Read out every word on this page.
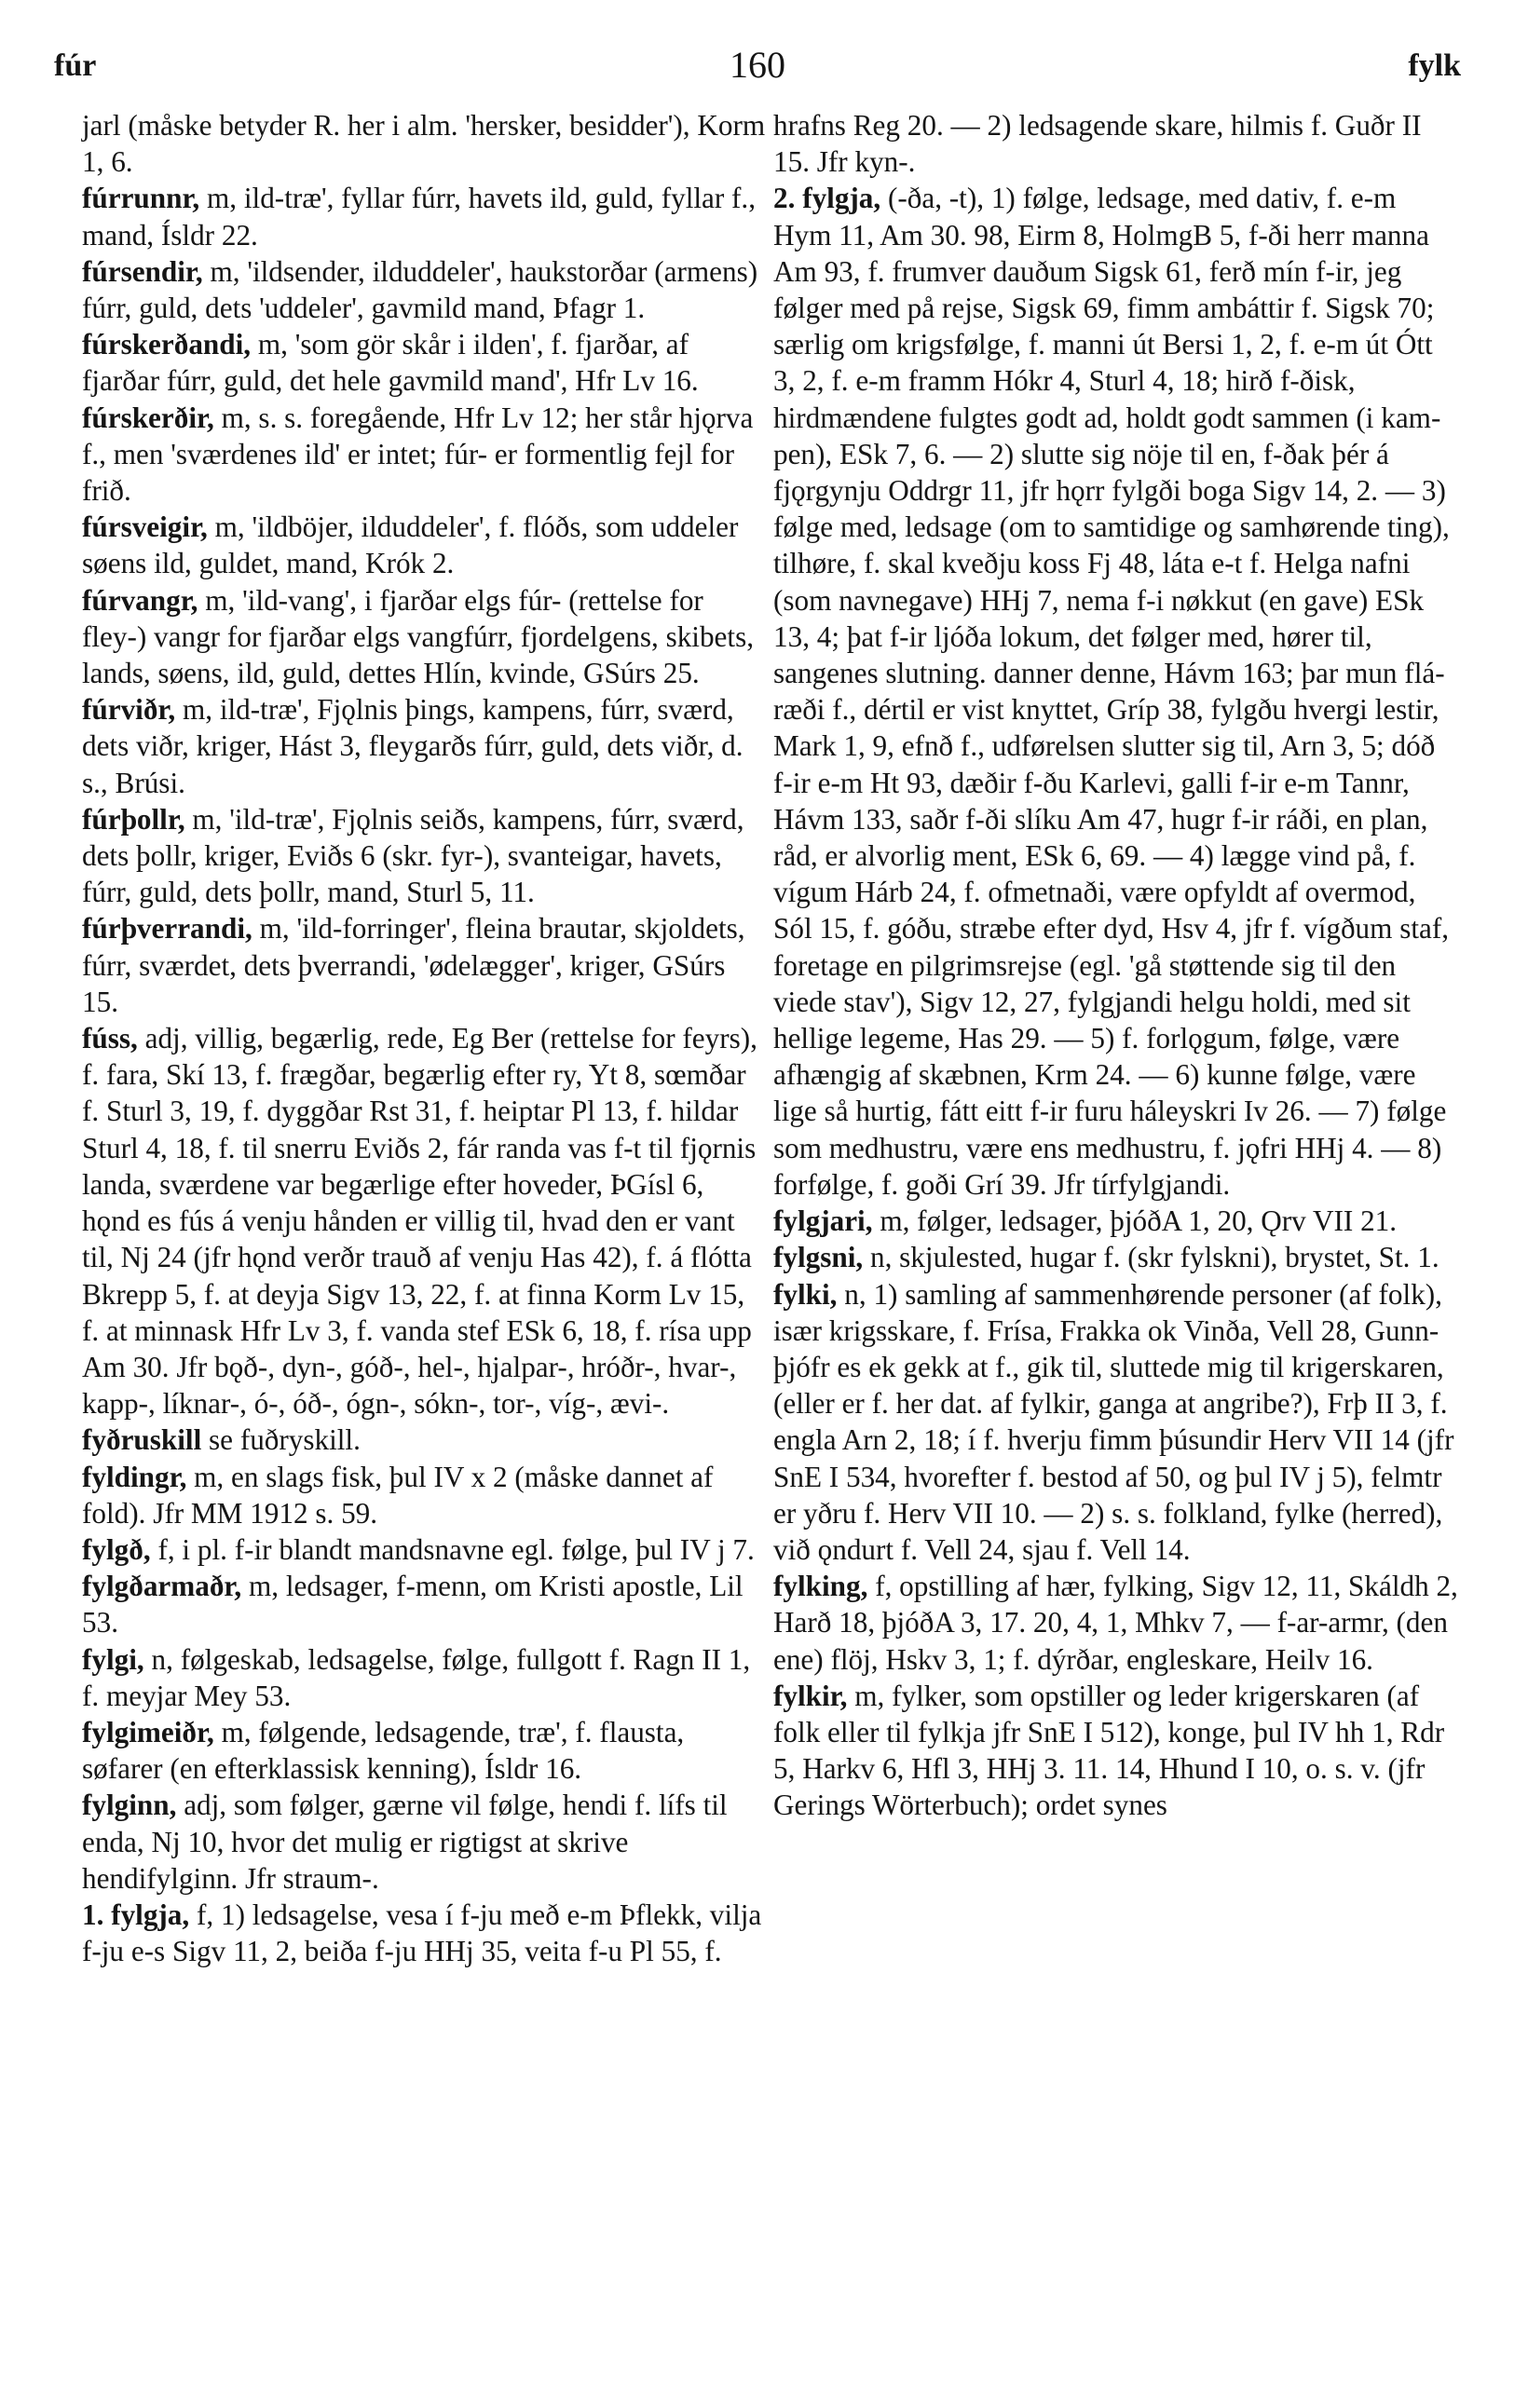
fúr	160	fylk

jarl (måske betyder R. her i alm. 'hersker, besidder'), Korm 1, 6.

fúrrunnr, m, ild-træ', fyllar fúrr, havets ild, guld, fyllar f., mand, Ísldr 22.

fúrsendir, m, 'ildsender, ilduddeler', haukstorðar (armens) fúrr, guld, dets 'uddeler', gavmild mand, Þfagr 1.

fúrskerðandi, m, 'som gör skår i ilden', f. fjarðar, af fjarðar fúrr, guld, det hele gavmild mand', Hfr Lv 16.

fúrskerðir, m, s. s. foregående, Hfr Lv 12; her står hjǫrva f., men 'sværdenes ild' er intet; fúr- er formentlig fejl for frið.

fúrsveigir, m, 'ildböjer, ilduddeler', f. flóðs, som uddeler søens ild, guldet, mand, Krók 2.

fúrvangr, m, 'ild-vang', i fjarðar elgs fúr- (rettelse for fley-) vangr for fjarðar elgs vangfúrr, fjordelgens, skibets, lands, søens, ild, guld, dettes Hlín, kvinde, GSúrs 25.

fúrviðr, m, ild-træ', Fjǫlnis þings, kampens, fúrr, sværd, dets viðr, kriger, Hást 3, fleygarðs fúrr, guld, dets viðr, d. s., Brúsi.

fúrþollr, m, 'ild-træ', Fjǫlnis seiðs, kampens, fúrr, sværd, dets þollr, kriger, Eviðs 6 (skr. fyr-), svanteigar, havets, fúrr, guld, dets þollr, mand, Sturl 5, 11.

fúrþverrandi, m, 'ild-forringer', fleina brautar, skjoldets, fúrr, sværdet, dets þverrandi, 'ødelægger', kriger, GSúrs 15.

fúss, adj, villig, begærlig, rede, Eg Ber (rettelse for feyrs), f. fara, Skí 13, f. frægðar, begærlig efter ry, Yt 8, sœmðar f. Sturl 3, 19, f. dyggðar Rst 31, f. heiptar Pl 13, f. hildar Sturl 4, 18, f. til snerru Eviðs 2, fár randa vas f-t til fjǫrnis landa, sværdene var begærlige efter hoveder, ÞGísl 6, hǫnd es fús á venju hånden er villig til, hvad den er vant til, Nj 24 (jfr hǫnd verðr trauð af venju Has 42), f. á flótta Bkrepp 5, f. at deyja Sigv 13, 22, f. at finna Korm Lv 15, f. at minnask Hfr Lv 3, f. vanda stef ESk 6, 18, f. rísa upp Am 30. Jfr bǫð-, dyn-, góð-, hel-, hjalpar-, hróðr-, hvar-, kapp-, líknar-, ó-, óð-, ógn-, sókn-, tor-, víg-, ævi-.

fyðruskill se fuðryskill.

fyldingr, m, en slags fisk, þul IV x 2 (måske dannet af fold). Jfr MM 1912 s. 59.

fylgð, f, i pl. f-ir blandt mandsnavne egl. følge, þul IV j 7.

fylgðarmaðr, m, ledsager, f-menn, om Kristi apostle, Lil 53.

fylgi, n, følgeskab, ledsagelse, følge, fullgott f. Ragn II 1, f. meyjar Mey 53.

fylgimeiðr, m, følgende, ledsagende, træ', f. flausta, søfarer (en efterklassisk kenning), Ísldr 16.

fylginn, adj, som følger, gærne vil følge, hendi f. lífs til enda, Nj 10, hvor det mulig er rigtigst at skrive hendifylginn. Jfr straum-.

1. fylgja, f, 1) ledsagelse, vesa í f-ju með e-m Þflekk, vilja f-ju e-s Sigv 11, 2, beiða f-ju HHj 35, veita f-u Pl 55, f.

hrafns Reg 20. — 2) ledsagende skare, hilmis f. Guðr II 15. Jfr kyn-.

2. fylgja, (-ða, -t), 1) følge, ledsage, med dativ, f. e-m Hym 11, Am 30. 98, Eirm 8, HolmgB 5, f-ði herr manna Am 93, f. frumver dauðum Sigsk 61, ferð mín f-ir, jeg følger med på rejse, Sigsk 69, fimm ambáttir f. Sigsk 70; særlig om krigsfølge, f. manni út Bersi 1, 2, f. e-m út Ótt 3, 2, f. e-m framm Hókr 4, Sturl 4, 18; hirð f-ðisk, hirdmændene fulgtes godt ad, holdt godt sammen (i kampen), ESk 7, 6. — 2) slutte sig nöje til en, f-ðak þér á fjǫrgynju Oddrgr 11, jfr hǫrr fylgði boga Sigv 14, 2. — 3) følge med, ledsage (om to samtidige og samhørende ting), tilhøre, f. skal kveðju koss Fj 48, láta e-t f. Helga nafni (som navnegave) HHj 7, nema f-i nøkkut (en gave) ESk 13, 4; þat f-ir ljóða lokum, det følger med, hører til, sangenes slutning. danner denne, Hávm 163; þar mun fláræði f., dértil er vist knyttet, Gríp 38, fylgðu hvergi lestir, Mark 1, 9, efnð f., udførelsen slutter sig til, Arn 3, 5; dóð f-ir e-m Ht 93, dæðir f-ðu Karlevi, galli f-ir e-m Tannr, Hávm 133, saðr f-ði slíku Am 47, hugr f-ir ráði, en plan, råd, er alvorlig ment, ESk 6, 69. — 4) lægge vind på, f. vígum Hárb 24, f. ofmetnaði, være opfyldt af overmod, Sól 15, f. góðu, stræbe efter dyd, Hsv 4, jfr f. vígðum staf, foretage en pilgrimsrejse (egl. 'gå støttende sig til den viede stav'), Sigv 12, 27, fylgjandi helgu holdi, med sit hellige legeme, Has 29. — 5) f. forlǫgum, følge, være afhængig af skæbnen, Krm 24. — 6) kunne følge, være lige så hurtig, fátt eitt f-ir furu háleyskri Iv 26. — 7) følge som medhustru, være ens medhustru, f. jǫfri HHj 4. — 8) forfølge, f. goði Grí 39. Jfr tírfylgjandi.

fylgjari, m, følger, ledsager, þjóðA 1, 20, Ǫrv VII 21.

fylgsni, n, skjulested, hugar f. (skr fylskni), brystet, St. 1.

fylki, n, 1) samling af sammenhørende personer (af folk), især krigsskare, f. Frísa, Frakka ok Vinða, Vell 28, Gunnþjófr es ek gekk at f., gik til, sluttede mig til krigerskaren, (eller er f. her dat. af fylkir, ganga at angribe?), Frþ II 3, f. engla Arn 2, 18; í f. hverju fimm þúsundir Herv VII 14 (jfr SnE I 534, hvorefter f. bestod af 50, og þul IV j 5), felmtr er yðru f. Herv VII 10. — 2) s. s. folkland, fylke (herred), við ǫndurt f. Vell 24, sjau f. Vell 14.

fylking, f, opstilling af hær, fylking, Sigv 12, 11, Skáldh 2, Harð 18, þjóðA 3, 17. 20, 4, 1, Mhkv 7, — f-ar-armr, (den ene) flöj, Hskv 3, 1; f. dýrðar, engleskare, Heilv 16.

fylkir, m, fylker, som opstiller og leder krigerskaren (af folk eller til fylkja jfr SnE I 512), konge, þul IV hh 1, Rdr 5, Harkv 6, Hfl 3, HHj 3. 11. 14, Hhund I 10, o. s. v. (jfr Gerings Wörterbuch); ordet synes
